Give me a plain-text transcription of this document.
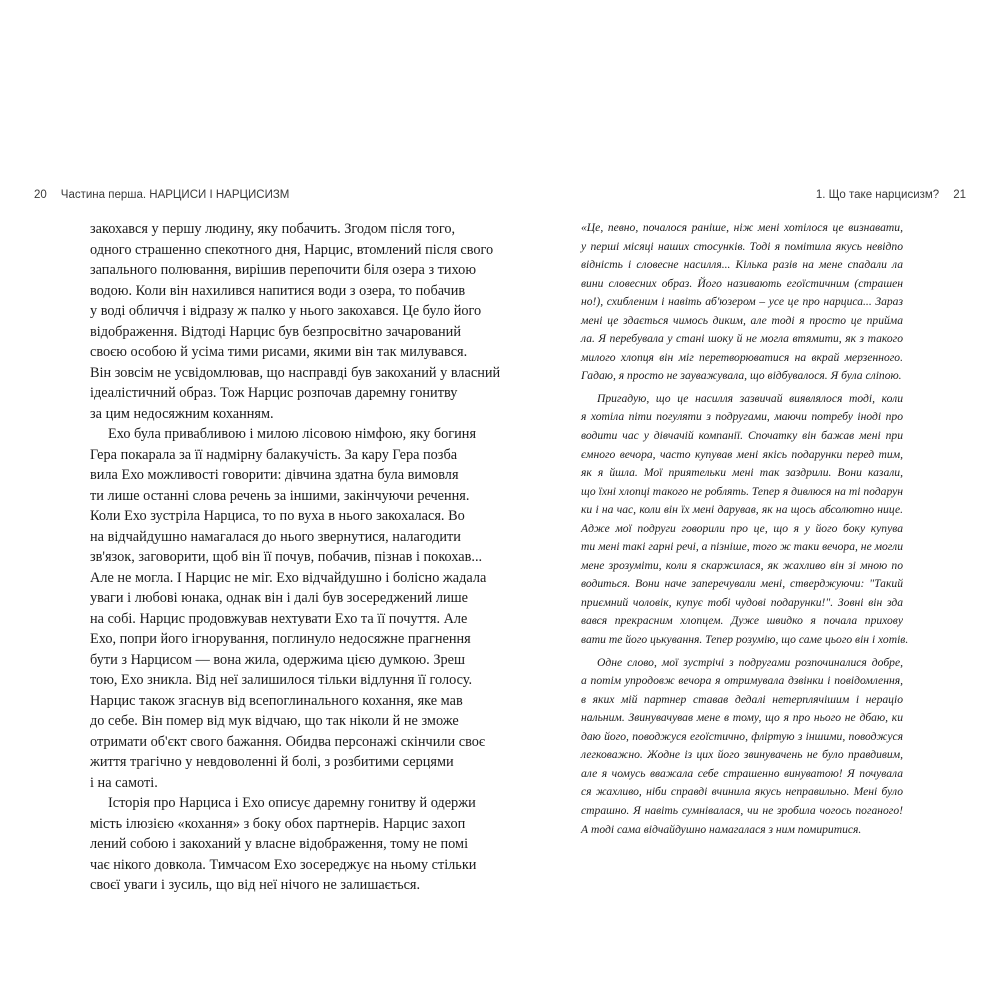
20 Частина перша. НАРЦИСИ І НАРЦИСИЗМ	1. Що таке нарцисизм? 21
закохався у першу людину, яку побачить. Згодом після того,
одного страшенно спекотного дня, Нарцис, втомлений після свого
запального полювання, вирішив перепочити біля озера з тихою
водою. Коли він нахилився напитися води з озера, то побачив
у воді обличчя і відразу ж палко у нього закохався. Це було його
відображення. Відтоді Нарцис був безпросвітно зачарований
своєю особою й усіма тими рисами, якими він так милувався.
Він зовсім не усвідомлював, що насправді був закоханий у власний
ідеалістичний образ. Тож Нарцис розпочав даремну гонитву
за цим недосяжним коханням.
Ехо була привабливою і милою лісовою німфою, яку богиня
Гера покарала за її надмірну балакучість. За кару Гера позба
вила Ехо можливості говорити: дівчина здатна була вимовля
ти лише останні слова речень за іншими, закінчуючи речення.
Коли Ехо зустріла Нарциса, то по вуха в нього закохалася. Во
на відчайдушно намагалася до нього звернутися, налагодити
зв'язок, заговорити, щоб він її почув, побачив, пізнав і покохав...
Але не могла. І Нарцис не міг. Ехо відчайдушно і болісно жадала
уваги і любові юнака, однак він і далі був зосереджений лише
на собі. Нарцис продовжував нехтувати Ехо та її почуття. Але
Ехо, попри його ігнорування, поглинуло недосяжне прагнення
бути з Нарцисом — вона жила, одержима цією думкою. Зреш
тою, Ехо зникла. Від неї залишилося тільки відлуння її голосу.
Нарцис також згаснув від всепоглинального кохання, яке мав
до себе. Він помер від мук відчаю, що так ніколи й не зможе
отримати об'єкт свого бажання. Обидва персонажі скінчили своє
життя трагічно у невдоволенні й болі, з розбитими серцями
і на самоті.
Історія про Нарциса і Ехо описує даремну гонитву й одержи
мість ілюзією «кохання» з боку обох партнерів. Нарцис захоп
лений собою і закоханий у власне відображення, тому не помі
чає нікого довкола. Тимчасом Ехо зосереджує на ньому стільки
своєї уваги і зусиль, що від неї нічого не залишається.
«Це, певно, почалося раніше, ніж мені хотілося це визнавати,
у перші місяці наших стосунків. Тоді я помітила якусь невідпо
відність і словесне насилля... Кілька разів на мене спадали ла
вини словесних образ. Його називають егоїстичним (страшен
но!), схибленим і навіть аб'юзером – усе це про нарциса... Зараз
мені це здається чимось диким, але тоді я просто це прийма
ла. Я перебувала у стані шоку й не могла втямити, як з такого
милого хлопця він міг перетворюватися на вкрай мерзенного.
Гадаю, я просто не зауважувала, що відбувалося. Я була сліпою.
Пригадую, що це насилля зазвичай виявлялося тоді, коли
я хотіла піти погуляти з подругами, маючи потребу іноді про
водити час у дівчачій компанії. Спочатку він бажав мені при
ємного вечора, часто купував мені якісь подарунки перед тим,
як я йшла. Мої приятельки мені так заздрили. Вони казали,
що їхні хлопці такого не роблять. Тепер я дивлюся на ті подарун
ки і на час, коли він їх мені дарував, як на щось абсолютно нице.
Адже мої подруги говорили про це, що я у його боку купува
ти мені такі гарні речі, а пізніше, того ж таки вечора, не могли
мене зрозуміти, коли я скаржилася, як жахливо він зі мною по
водиться. Вони наче заперечували мені, стверджуючи: "Такий
приємний чоловік, купує тобі чудові подарунки!". Зовні він зда
вався прекрасним хлопцем. Дуже швидко я почала прихову
вати те його цькування. Тепер розумію, що саме цього він і хотів.
Одне слово, мої зустрічі з подругами розпочиналися добре,
а потім упродовж вечора я отримувала дзвінки і повідомлення,
в яких мій партнер ставав дедалі нетерплячішим і нераціо
нальним. Звинувачував мене в тому, що я про нього не дбаю, ки
даю його, поводжуся егоїстично, фліртую з іншими, поводжуся
легковажно. Жодне із цих його звинувачень не було правдивим,
але я чомусь вважала себе страшенно винуватою! Я почувала
ся жахливо, ніби справді вчинила якусь неправильно. Мені було
страшно. Я навіть сумнівалася, чи не зробила чогось поганого!
А тоді сама відчайдушно намагалася з ним помиритися.
